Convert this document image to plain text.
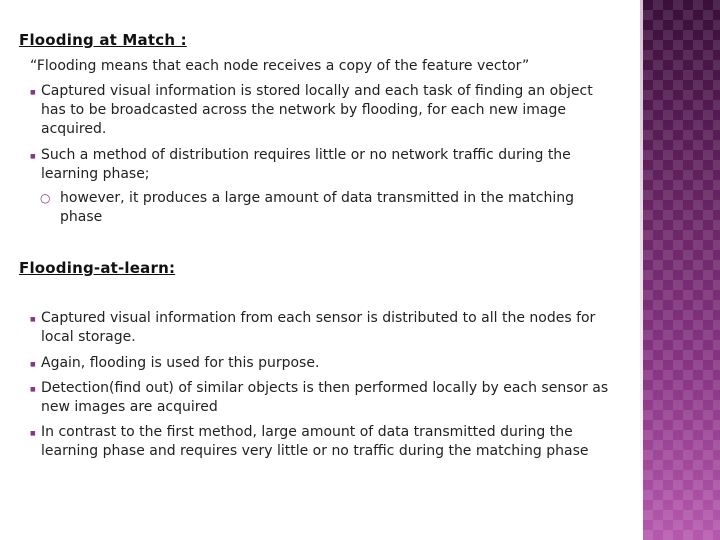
Flooding at Match :
“Flooding means that each node receives a copy of the feature vector”
■ Captured visual information is stored locally and each task of finding an object has to be broadcasted across the network by flooding, for each new image acquired.
■ Such a method of distribution requires little or no network traffic during the learning phase;
○ however, it produces a large amount of data transmitted in the matching phase
Flooding-at-learn:
■ Captured visual information from each sensor is distributed to all the nodes for local storage.
■ Again, flooding is used for this purpose.
■ Detection(find out) of similar objects is then performed locally by each sensor as new images are acquired
■ In contrast to the first method, large amount of data transmitted during the learning phase and requires very little or no traffic during the matching phase
